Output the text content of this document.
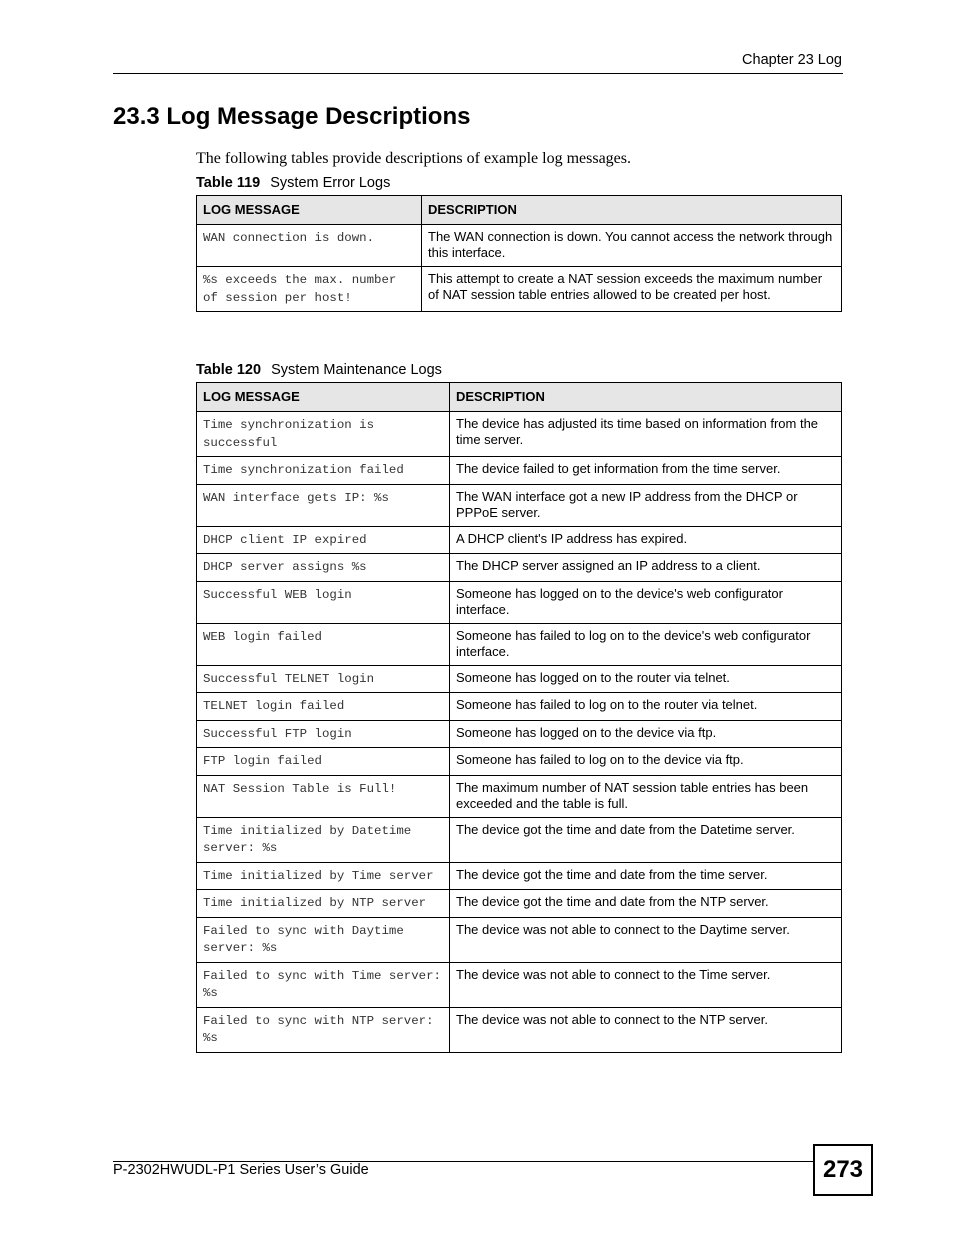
Chapter 23 Log
23.3 Log Message Descriptions
The following tables provide descriptions of example log messages.
Table 119 System Error Logs
LOG MESSAGE	DESCRIPTION
WAN connection is down.	The WAN connection is down. You cannot access the network through this interface.
%s exceeds the max. number of session per host!	This attempt to create a NAT session exceeds the maximum number of NAT session table entries allowed to be created per host.
Table 120 System Maintenance Logs
LOG MESSAGE	DESCRIPTION
Time synchronization is successful	The device has adjusted its time based on information from the time server.
Time synchronization failed	The device failed to get information from the time server.
WAN interface gets IP: %s	The WAN interface got a new IP address from the DHCP or PPPoE server.
DHCP client IP expired	A DHCP client's IP address has expired.
DHCP server assigns %s	The DHCP server assigned an IP address to a client.
Successful WEB login	Someone has logged on to the device's web configurator interface.
WEB login failed	Someone has failed to log on to the device's web configurator interface.
Successful TELNET login	Someone has logged on to the router via telnet.
TELNET login failed	Someone has failed to log on to the router via telnet.
Successful FTP login	Someone has logged on to the device via ftp.
FTP login failed	Someone has failed to log on to the device via ftp.
NAT Session Table is Full!	The maximum number of NAT session table entries has been exceeded and the table is full.
Time initialized by Datetime server: %s	The device got the time and date from the Datetime server.
Time initialized by Time server	The device got the time and date from the time server.
Time initialized by NTP server	The device got the time and date from the NTP server.
Failed to sync with Daytime server: %s	The device was not able to connect to the Daytime server.
Failed to sync with Time server: %s	The device was not able to connect to the Time server.
Failed to sync with NTP server: %s	The device was not able to connect to the NTP server.
P-2302HWUDL-P1 Series User’s Guide	273
